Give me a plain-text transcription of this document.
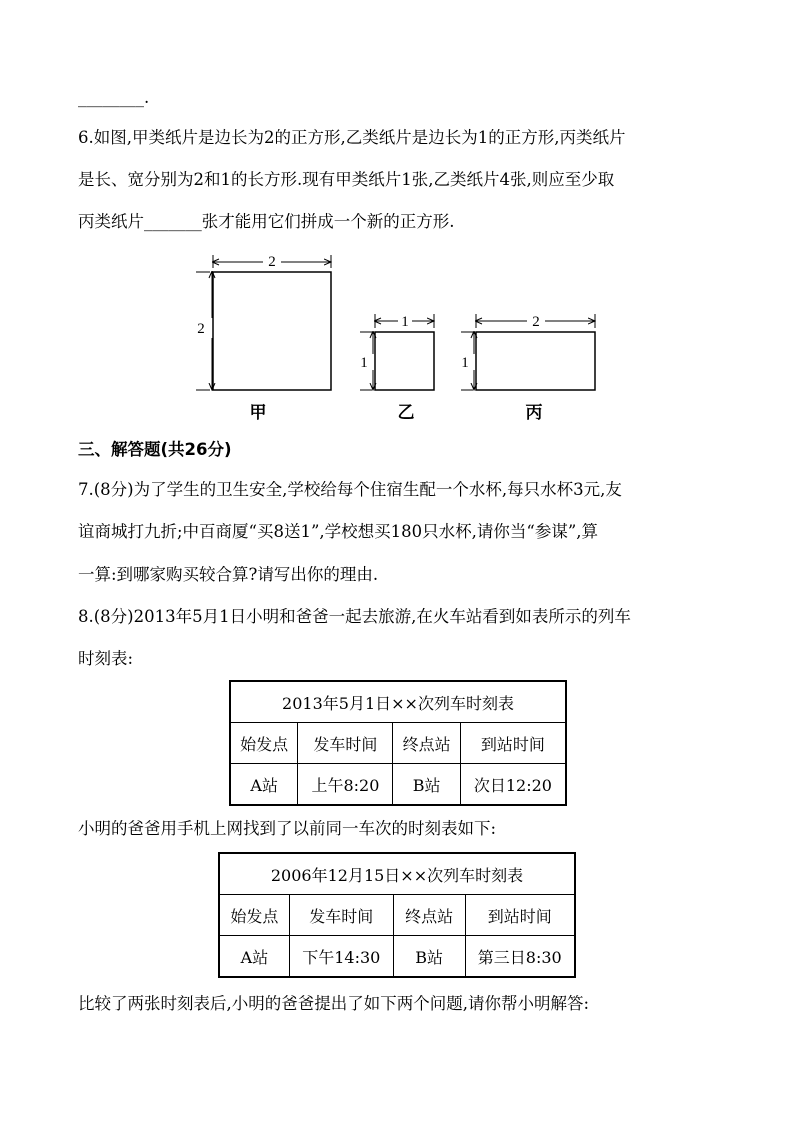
________.
6.如图,甲类纸片是边长为2的正方形,乙类纸片是边长为1的正方形,丙类纸片
是长、宽分别为2和1的长方形.现有甲类纸片1张,乙类纸片4张,则应至少取
丙类纸片_______张才能用它们拼成一个新的正方形.
2
2
甲
1
1
乙
2
1
丙
三、解答题(共26分)
7.(8分)为了学生的卫生安全,学校给每个住宿生配一个水杯,每只水杯3元,友
谊商城打九折;中百商厦“买8送1”,学校想买180只水杯,请你当“参谋”,算
一算:到哪家购买较合算?请写出你的理由.
8.(8分)2013年5月1日小明和爸爸一起去旅游,在火车站看到如表所示的列车
时刻表:
2013年5月1日××次列车时刻表			
始发点	发车时间	终点站	到站时间
A站	上午8:20	B站	次日12:20
小明的爸爸用手机上网找到了以前同一车次的时刻表如下:
2006年12月15日××次列车时刻表			
始发点	发车时间	终点站	到站时间
A站	下午14:30	B站	第三日8:30
比较了两张时刻表后,小明的爸爸提出了如下两个问题,请你帮小明解答:
